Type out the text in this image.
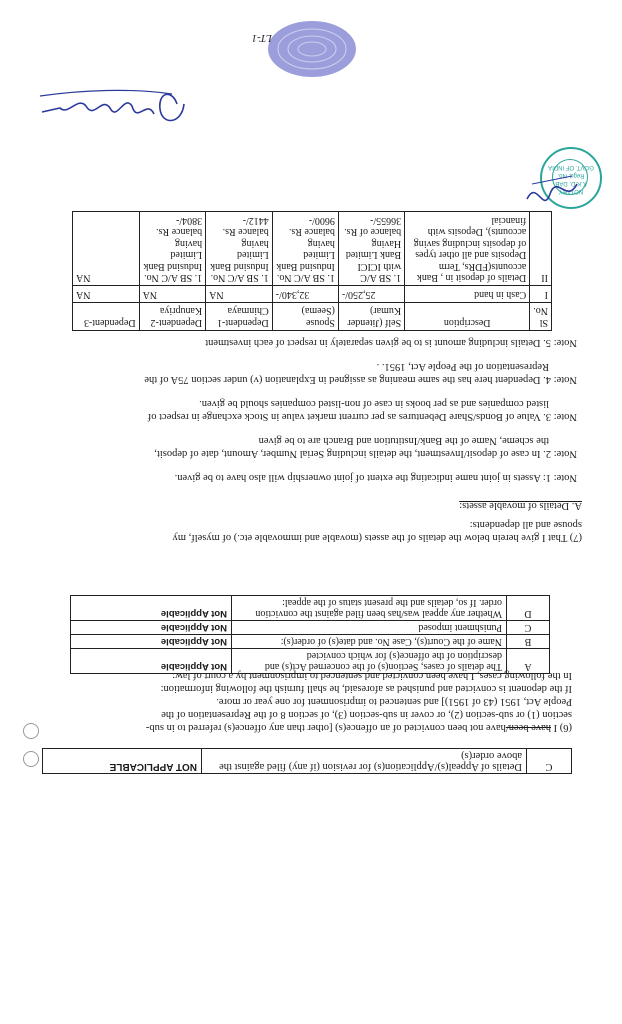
C	Details of Appeal(s)/Application(s) for revision (if any) filed against the above order(s)	NOT APPLICABLE
(6) I have been/have not been convicted of an offence(s) [other than any offence(s) referred to in sub-
section (1) or sub-section (2), or cover in sub-section (3), of section 8 of the Representation of the
People Act, 1951 (43 of 1951)] and sentenced to imprisonment for one year or more.
If the deponent is convicted and punished as aforesaid, he shall furnish the following information:
In the following cases, I have been convicted and sentenced to imprisonment by a court of law:
A	The details of cases, Section(s) of the concerned Act(s) and description of the offence(s) for which convicted	Not Applicable
B	Name of the Court(s), Case No. and date(s) of order(s):	Not Applicable
C	Punishment imposed	Not Applicable
D	Whether any appeal was/has been filed against the conviction order. If so, details and the present status of the appeal:	Not Applicable
(7) That I give herein below the details of the assets (movable and immovable etc.) of myself, my
spouse and all dependents:
A. Details of movable assets:
Note: 1: Assets in joint name indicating the extent of joint ownership will also have to be given.
Note: 2. In case of deposit/Investment, the details including Serial Number, Amount, date of deposit,
the scheme, Name of the Bank/Institution and Branch are to be given
Note: 3. Value of Bonds/Share Debentures as per current market value in Stock exchange in respect of
listed companies and as per books in case of non-listed companies should be given.
Note: 4. Dependent here has the same meaning as assigned in Explanation (v) under section 75A of the
Representation of the People Act, 1951. .
Note: 5. Details including amount is to be given separately in respect of each investment
Sl No.	Description	Self (Jitender Kumar)	Spouse (Seema)	Dependent-1 Chinmaya	Dependent-2 Kanupriya	Dependent-3
I	Cash in hand	25,250/-	32,340/-	NA	NA	NA
II	Details of deposit in , Bank accounts(FDRs, Term Deposits and all other types of deposits including saving accounts), Deposits with financial	1. SB A/C with ICICI Bank Limited Having balance of Rs. 36655/-	1. SB A/C No. Indusind Bank Limited having balance Rs. 9600/-	1. SB A/C No. Indusind Bank Limited having balance Rs. 4412/-	1. SB A/C No. Indusind Bank Limited having balance Rs. 3804/-	NA
NOTARY
K.K.D. DAB
Regd. No.
GOVT. OF INDIA
LT-1
